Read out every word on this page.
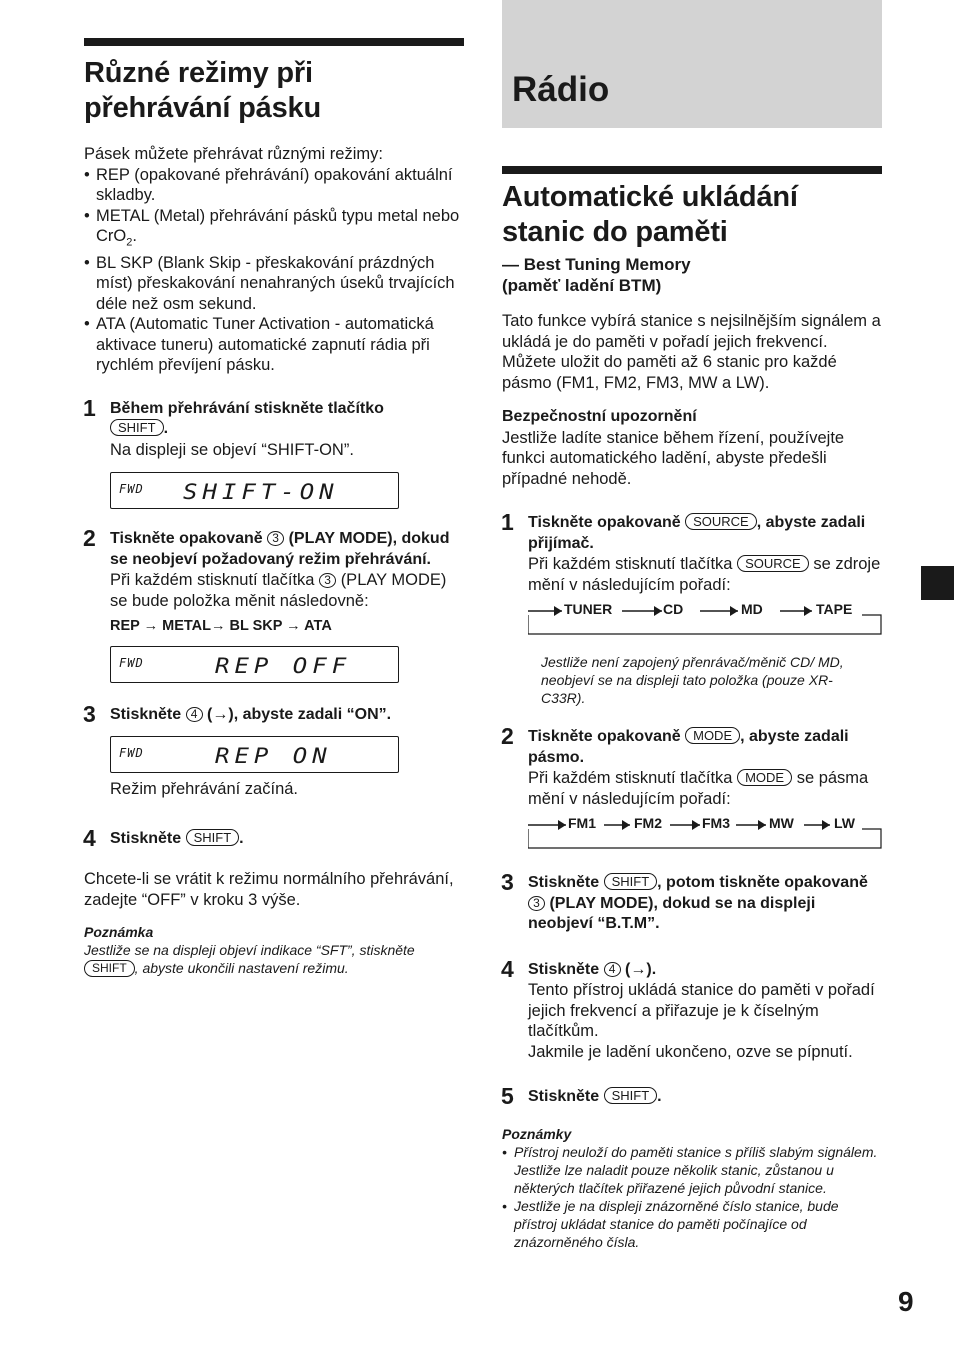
Různé režimy při
přehrávání pásku

Pásek můžete přehrávat různými režimy:

• REP (opakované přehrávání) opakování aktuální skladby.
• METAL (Metal) přehrávání pásků typu metal nebo CrO$_2$.
• BL SKP (Blank Skip - přeskakování prázdných míst) přeskakování nenahraných úseků trvajících déle než osm sekund.
• ATA (Automatic Tuner Activation - automatická aktivace tuneru) automatické zapnutí rádia při rychlém převíjení pásku.
1 Během přehrávání stiskněte tlačítko
SHIFT .

Na displeji se objeví “SHIFT-ON”.

FWD SHIFT-ON
2 Tiskněte opakovaně 3 (PLAY MODE), dokud se neobjeví požadovaný režim přehrávání.

Při každém stisknutí tlačítka 3 (PLAY MODE) se bude položka měnit následovně:

REP → METAL→ BL SKP → ATA
FWD	REP OFF
3 Stiskněte 4 (→), abyste zadali “ON”.
FWD	REP ON

Režim přehrávání začíná.

4 Stiskněte SHIFT .

Chcete-li se vrátit k režimu normálního přehrávání, zadejte “OFF” v kroku 3 výše.

Poznámka
Jestliže se na displeji objeví indikace “SFT”, stiskněte
SHIFT , abyste ukončili nastavení režimu.
Rádio
Automatické ukládání
stanic do paměti
— Best Tuning Memory
(paměť ladění BTM)

Tato funkce vybírá stanice s nejsilnějším signálem a ukládá je do paměti v pořadí jejich frekvencí. Můžete uložit do paměti až 6 stanic pro každé pásmo (FM1, FM2, FM3, MW a LW).

Bezpečnostní upozornění

Jestliže ladíte stanice během řízení, používejte funkci automatického ladění, abyste předešli případné nehodě.

1 Tiskněte opakovaně SOURCE , abyste zadali přijímač.

Při každém stisknutí tlačítka SOURCE se zdroje mění v následujícím pořadí:

TUNER	CD	MD	TAPE
Jestliže není zapojený přenrávač/měnič CD/ MD, neobjeví se na displeji tato položka (pouze XR-C33R).
2 Tiskněte opakovaně MODE , abyste zadali pásmo.

Při každém stisknutí tlačítka MODE se pásma mění v následujícím pořadí:

FM1	FM2	FM3	MW	LW
3 Stiskněte SHIFT , potom tiskněte opakovaně 3 (PLAY MODE), dokud se na displeji neobjeví “B.T.M”.
4 Stiskněte 4 (→).

Tento přístroj ukládá stanice do paměti v pořadí jejich frekvencí a přiřazuje je k číselným tlačítkům.

Jakmile je ladění ukončeno, ozve se pípnutí.

5 Stiskněte SHIFT .
Poznámky
• Přístroj neuloží do paměti stanice s příliš slabým signálem. Jestliže lze naladit pouze několik stanic, zůstanou u některých tlačítek přiřazené jejich původní stanice.
• Jestliže je na displeji znázorněné číslo stanice, bude přístroj ukládat stanice do paměti počínajíce od znázorněného čísla.
9
